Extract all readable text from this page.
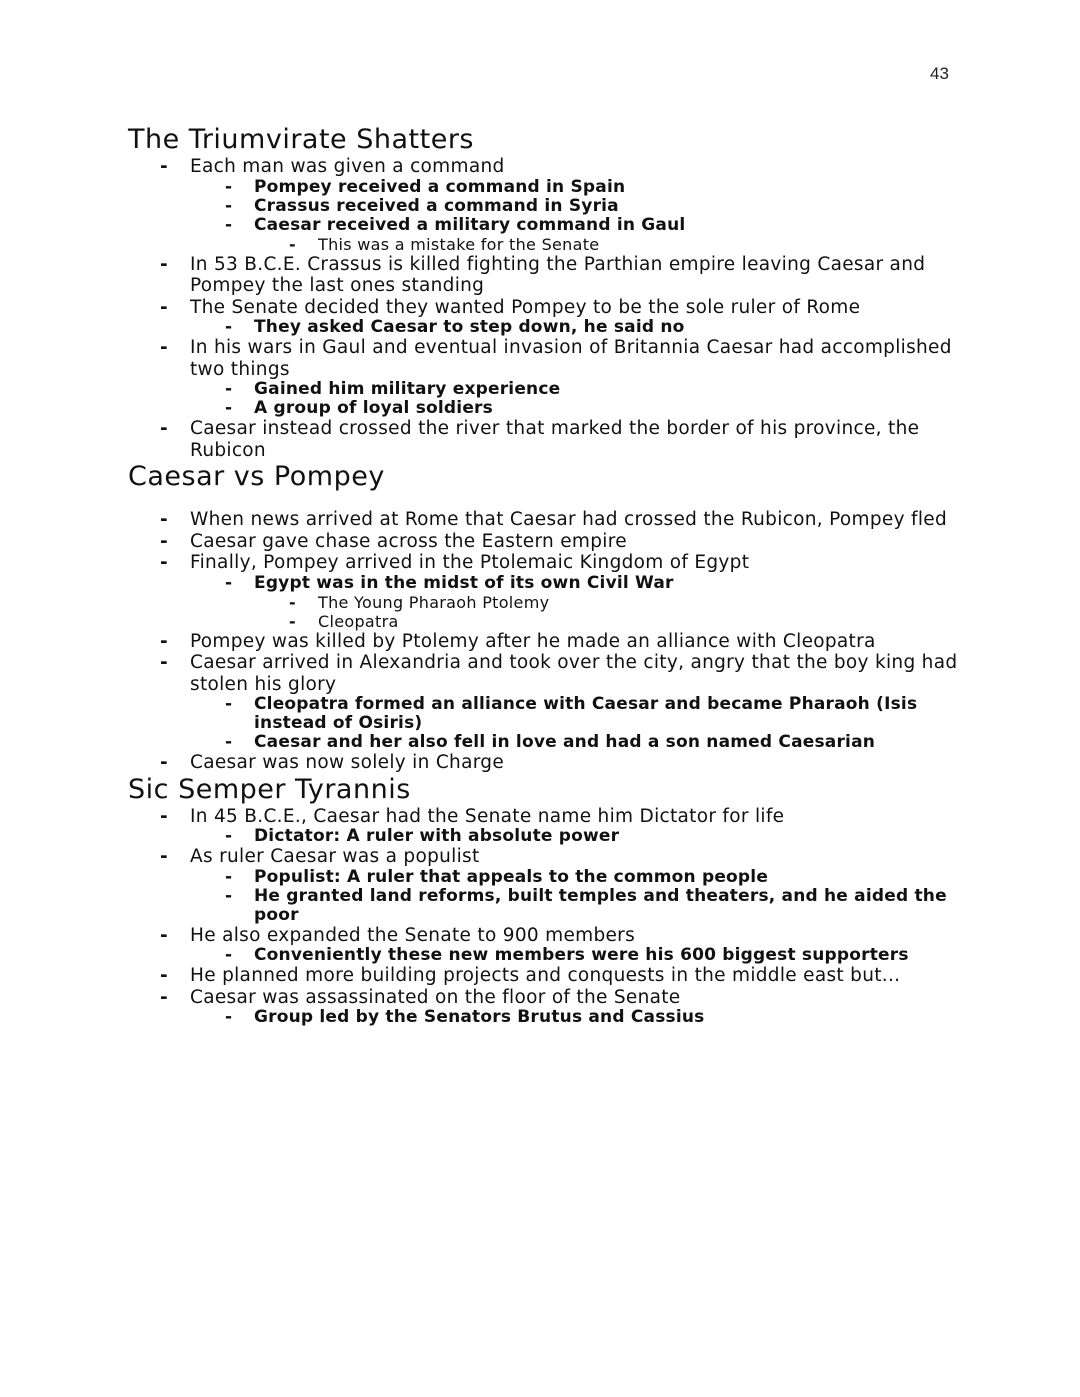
43
The Triumvirate Shatters
- Each man was given a command
- Pompey received a command in Spain
- Crassus received a command in Syria
- Caesar received a military command in Gaul
- This was a mistake for the Senate
- In 53 B.C.E. Crassus is killed fighting the Parthian empire leaving Caesar and Pompey the last ones standing
- The Senate decided they wanted Pompey to be the sole ruler of Rome
- They asked Caesar to step down, he said no
- In his wars in Gaul and eventual invasion of Britannia Caesar had accomplished two things
- Gained him military experience
- A group of loyal soldiers
- Caesar instead crossed the river that marked the border of his province, the Rubicon
Caesar vs Pompey
- When news arrived at Rome that Caesar had crossed the Rubicon, Pompey fled
- Caesar gave chase across the Eastern empire
- Finally, Pompey arrived in the Ptolemaic Kingdom of Egypt
- Egypt was in the midst of its own Civil War
- The Young Pharaoh Ptolemy
- Cleopatra
- Pompey was killed by Ptolemy after he made an alliance with Cleopatra
- Caesar arrived in Alexandria and took over the city, angry that the boy king had stolen his glory
- Cleopatra formed an alliance with Caesar and became Pharaoh (Isis instead of Osiris)
- Caesar and her also fell in love and had a son named Caesarian
- Caesar was now solely in Charge
Sic Semper Tyrannis
- In 45 B.C.E., Caesar had the Senate name him Dictator for life
- Dictator: A ruler with absolute power
- As ruler Caesar was a populist
- Populist: A ruler that appeals to the common people
- He granted land reforms, built temples and theaters, and he aided the poor
- He also expanded the Senate to 900 members
- Conveniently these new members were his 600 biggest supporters
- He planned more building projects and conquests in the middle east but...
- Caesar was assassinated on the floor of the Senate
- Group led by the Senators Brutus and Cassius
